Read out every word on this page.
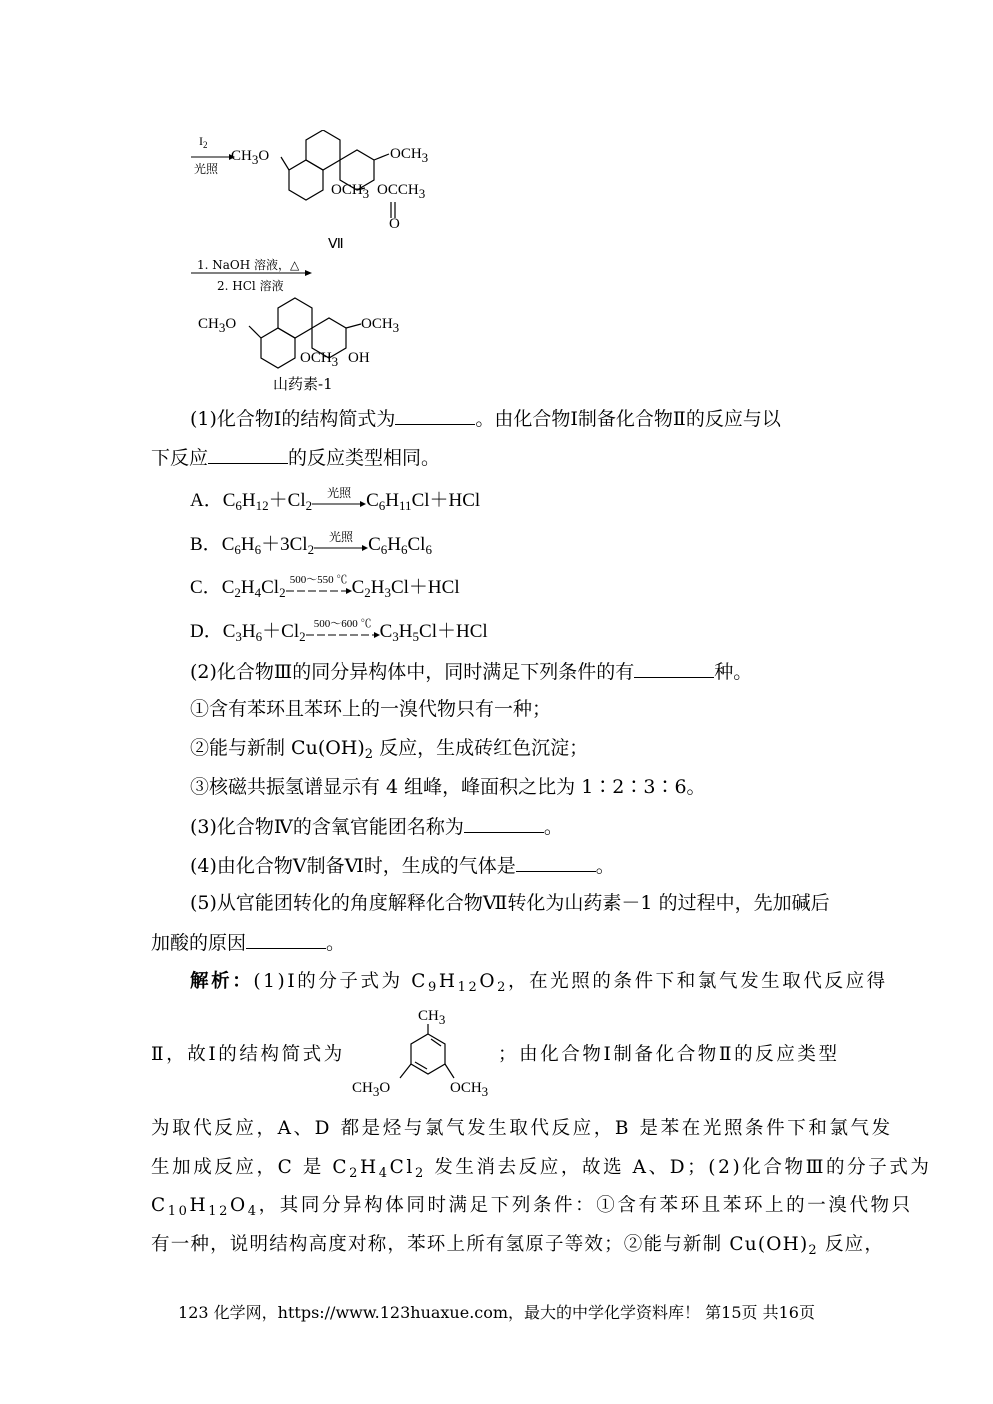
$I_2$
光照
CH3O	OCH3
OCH3 OCCH3
O
Ⅶ
1. NaOH 溶液，△
2. HCl 溶液
CH3O	OCH3
OCH3 OH
山药素-1
(1)化合物Ⅰ的结构简式为	。由化合物Ⅰ制备化合物Ⅱ的反应与以
下反应	的反应类型相同。
A．$C_6H_{12}+Cl_2$
光照 $C_6H_{11}Cl+HCl$
B．$C_6H_6+3Cl_2$
光照 $C_6H_6Cl_6$
C．$C_2H_4Cl_2$
500～550 ℃ $C_2H_3Cl+HCl$
D．$C_3H_6+Cl_2$
500～600 ℃ $C_3H_5Cl+HCl$
(2)化合物Ⅲ的同分异构体中，同时满足下列条件的有	种。
①含有苯环且苯环上的一溴代物只有一种；
②能与新制 $Cu(OH)_2$ 反应，生成砖红色沉淀；
③核磁共振氢谱显示有 4 组峰，峰面积之比为 1∶2∶3∶6。
(3)化合物Ⅳ的含氧官能团名称为	。
(4)由化合物Ⅴ制备Ⅵ时，生成的气体是	。
(5)从官能团转化的角度解释化合物Ⅶ转化为山药素－1 的过程中，先加碱后
加酸的原因	。
解析：(1)Ⅰ的分子式为 $C_9H_{12}O_2$，在光照的条件下和氯气发生取代反应得
Ⅱ，故Ⅰ的结构简式为
CH3
CH3O	OCH3
；由化合物Ⅰ制备化合物Ⅱ的反应类型
为取代反应，A、D 都是烃与氯气发生取代反应，B 是苯在光照条件下和氯气发
生加成反应，C 是 $C_2H_4Cl_2$ 发生消去反应，故选 A、D；(2)化合物Ⅲ的分子式为
$C_{10}H_{12}O_4$，其同分异构体同时满足下列条件：①含有苯环且苯环上的一溴代物只
有一种，说明结构高度对称，苯环上所有氢原子等效；②能与新制 $Cu(OH)_2$ 反应，
123 化学网，https://www.123huaxue.com，最大的中学化学资料库！ 第15页 共16页
